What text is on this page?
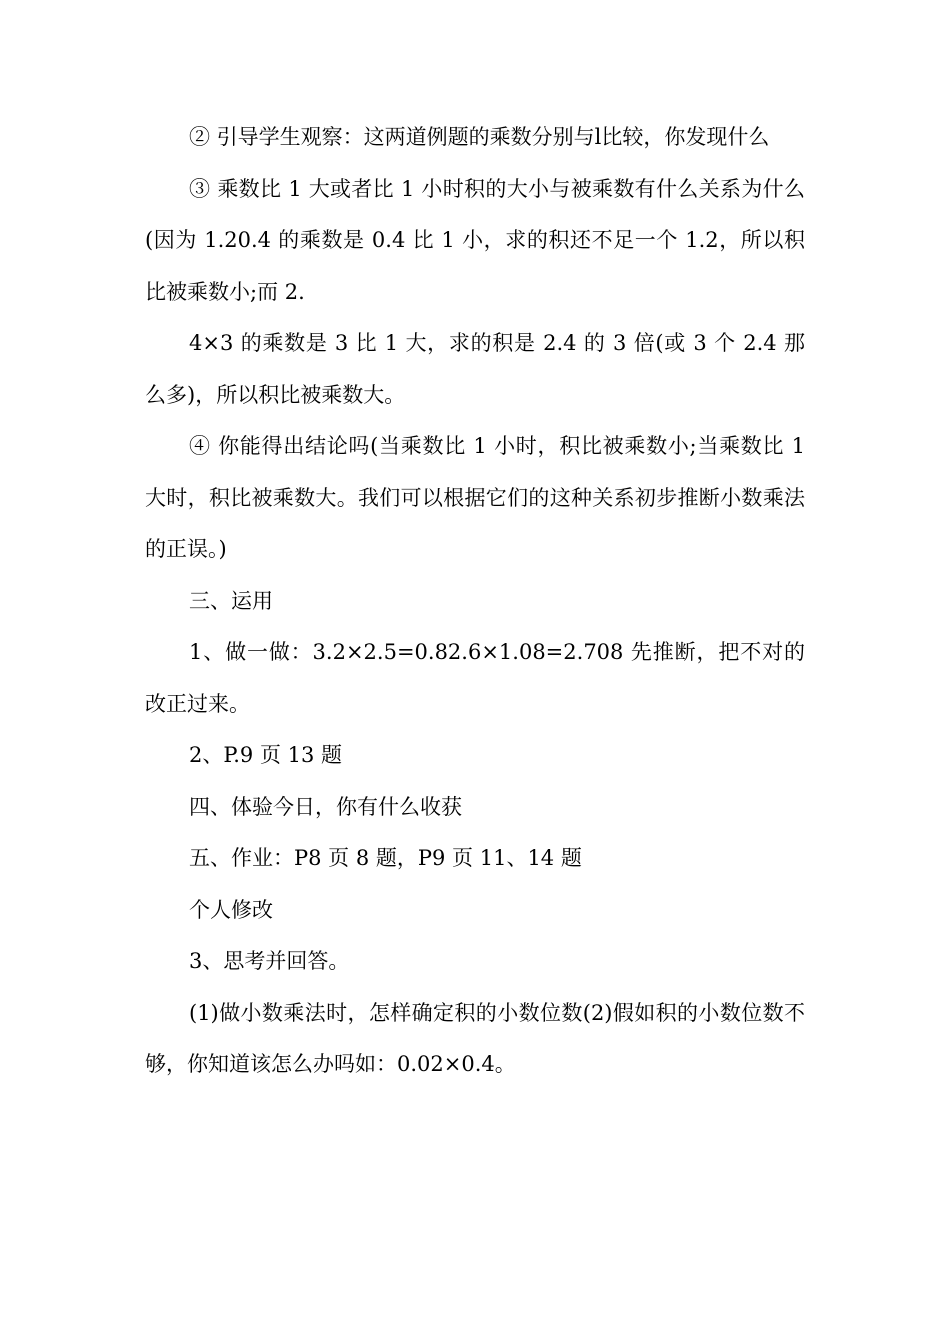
② 引导学生观察：这两道例题的乘数分别与l比较，你发现什么

③ 乘数比 1 大或者比 1 小时积的大小与被乘数有什么关系为什么(因为 1.20.4 的乘数是 0.4 比 1 小，求的积还不足一个 1.2，所以积比被乘数小;而 2.

4×3 的乘数是 3 比 1 大，求的积是 2.4 的 3 倍(或 3 个 2.4 那么多)，所以积比被乘数大。

④ 你能得出结论吗(当乘数比 1 小时，积比被乘数小;当乘数比 1 大时，积比被乘数大。我们可以根据它们的这种关系初步推断小数乘法的正误。)

三、运用

1、做一做：3.2×2.5=0.82.6×1.08=2.708 先推断，把不对的改正过来。

2、P.9 页 13 题

四、体验今日，你有什么收获

五、作业：P8 页 8 题，P9 页 11、14 题

个人修改

3、思考并回答。

(1)做小数乘法时，怎样确定积的小数位数(2)假如积的小数位数不够，你知道该怎么办吗如：0.02×0.4。
